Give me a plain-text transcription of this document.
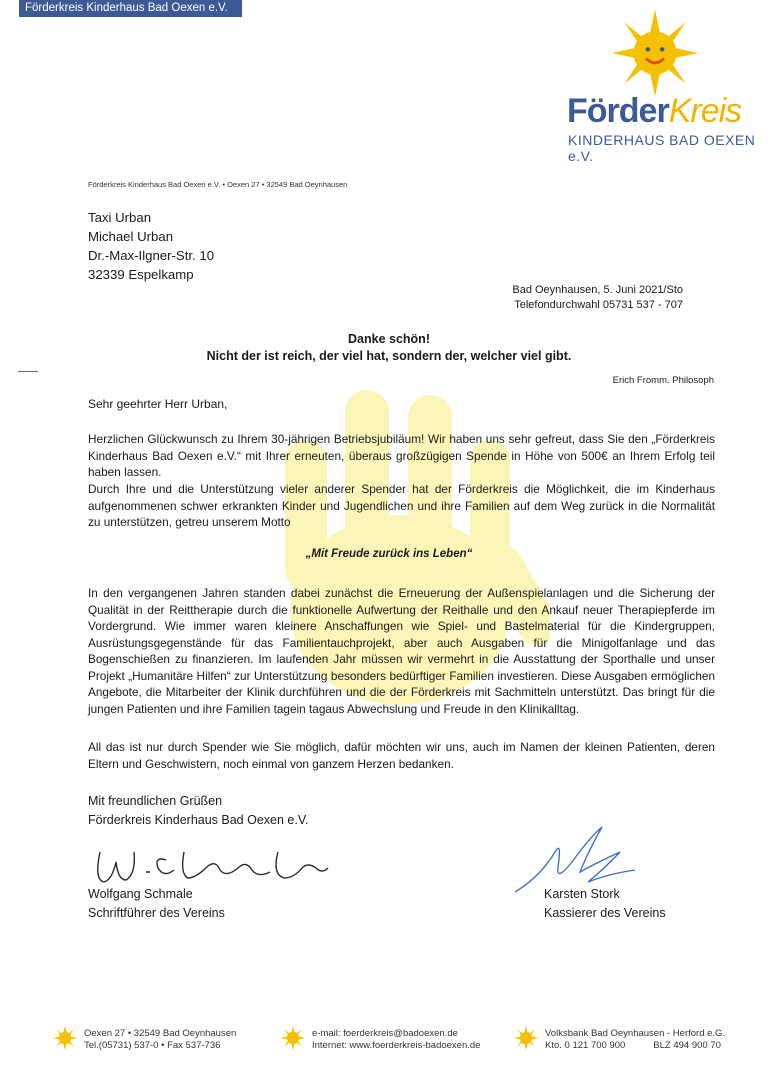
Förderkreis Kinderhaus Bad Oexen e.V.
FörderKreis
KINDERHAUS BAD OEXEN e.V.
Förderkreis Kinderhaus Bad Oexen e.V. • Oexen 27 • 32549 Bad Oeynhausen
Taxi Urban
Michael Urban
Dr.-Max-Ilgner-Str. 10
32339 Espelkamp
Bad Oeynhausen, 5. Juni 2021/Sto
Telefondurchwahl 05731 537 - 707
Danke schön!
Nicht der ist reich, der viel hat, sondern der, welcher viel gibt.
Erich Fromm. Philosoph
Sehr geehrter Herr Urban,
Herzlichen Glückwunsch zu Ihrem 30-jährigen Betriebsjubiläum! Wir haben uns sehr gefreut, dass Sie den „Förderkreis Kinderhaus Bad Oexen e.V.“ mit Ihrer erneuten, überaus großzügigen Spende in Höhe von 500€ an Ihrem Erfolg teil haben lassen.
Durch Ihre und die Unterstützung vieler anderer Spender hat der Förderkreis die Möglichkeit, die im Kinderhaus aufgenommenen schwer erkrankten Kinder und Jugendlichen und ihre Familien auf dem Weg zurück in die Normalität zu unterstützen, getreu unserem Motto
„Mit Freude zurück ins Leben“
In den vergangenen Jahren standen dabei zunächst die Erneuerung der Außenspielanlagen und die Sicherung der Qualität in der Reittherapie durch die funktionelle Aufwertung der Reithalle und den Ankauf neuer Therapiepferde im Vordergrund. Wie immer waren kleinere Anschaffungen wie Spiel- und Bastelmaterial für die Kindergruppen, Ausrüstungsgegenstände für das Familientauchprojekt, aber auch Ausgaben für die Minigolfanlage und das Bogenschießen zu finanzieren. Im laufenden Jahr müssen wir vermehrt in die Ausstattung der Sporthalle und unser Projekt „Humanitäre Hilfen“ zur Unterstützung besonders bedürftiger Familien investieren. Diese Ausgaben ermöglichen Angebote, die Mitarbeiter der Klinik durchführen und die der Förderkreis mit Sachmitteln unterstützt. Das bringt für die jungen Patienten und ihre Familien tagein tagaus Abwechslung und Freude in den Klinikalltag.
All das ist nur durch Spender wie Sie möglich, dafür möchten wir uns, auch im Namen der kleinen Patienten, deren Eltern und Geschwistern, noch einmal von ganzem Herzen bedanken.
Mit freundlichen Grüßen
Förderkreis Kinderhaus Bad Oexen e.V.
Wolfgang Schmale
Schriftführer des Vereins
Karsten Stork
Kassierer des Vereins
Oexen 27 • 32549 Bad Oeynhausen
Tel.(05731) 537-0 • Fax 537-736
e-mail: foerderkreis@badoexen.de
Internet: www.foerderkreis-badoexen.de
Volksbank Bad Oeynhausen - Herford e.G.
Kto. 0 121 700 900	BLZ 494 900 70
